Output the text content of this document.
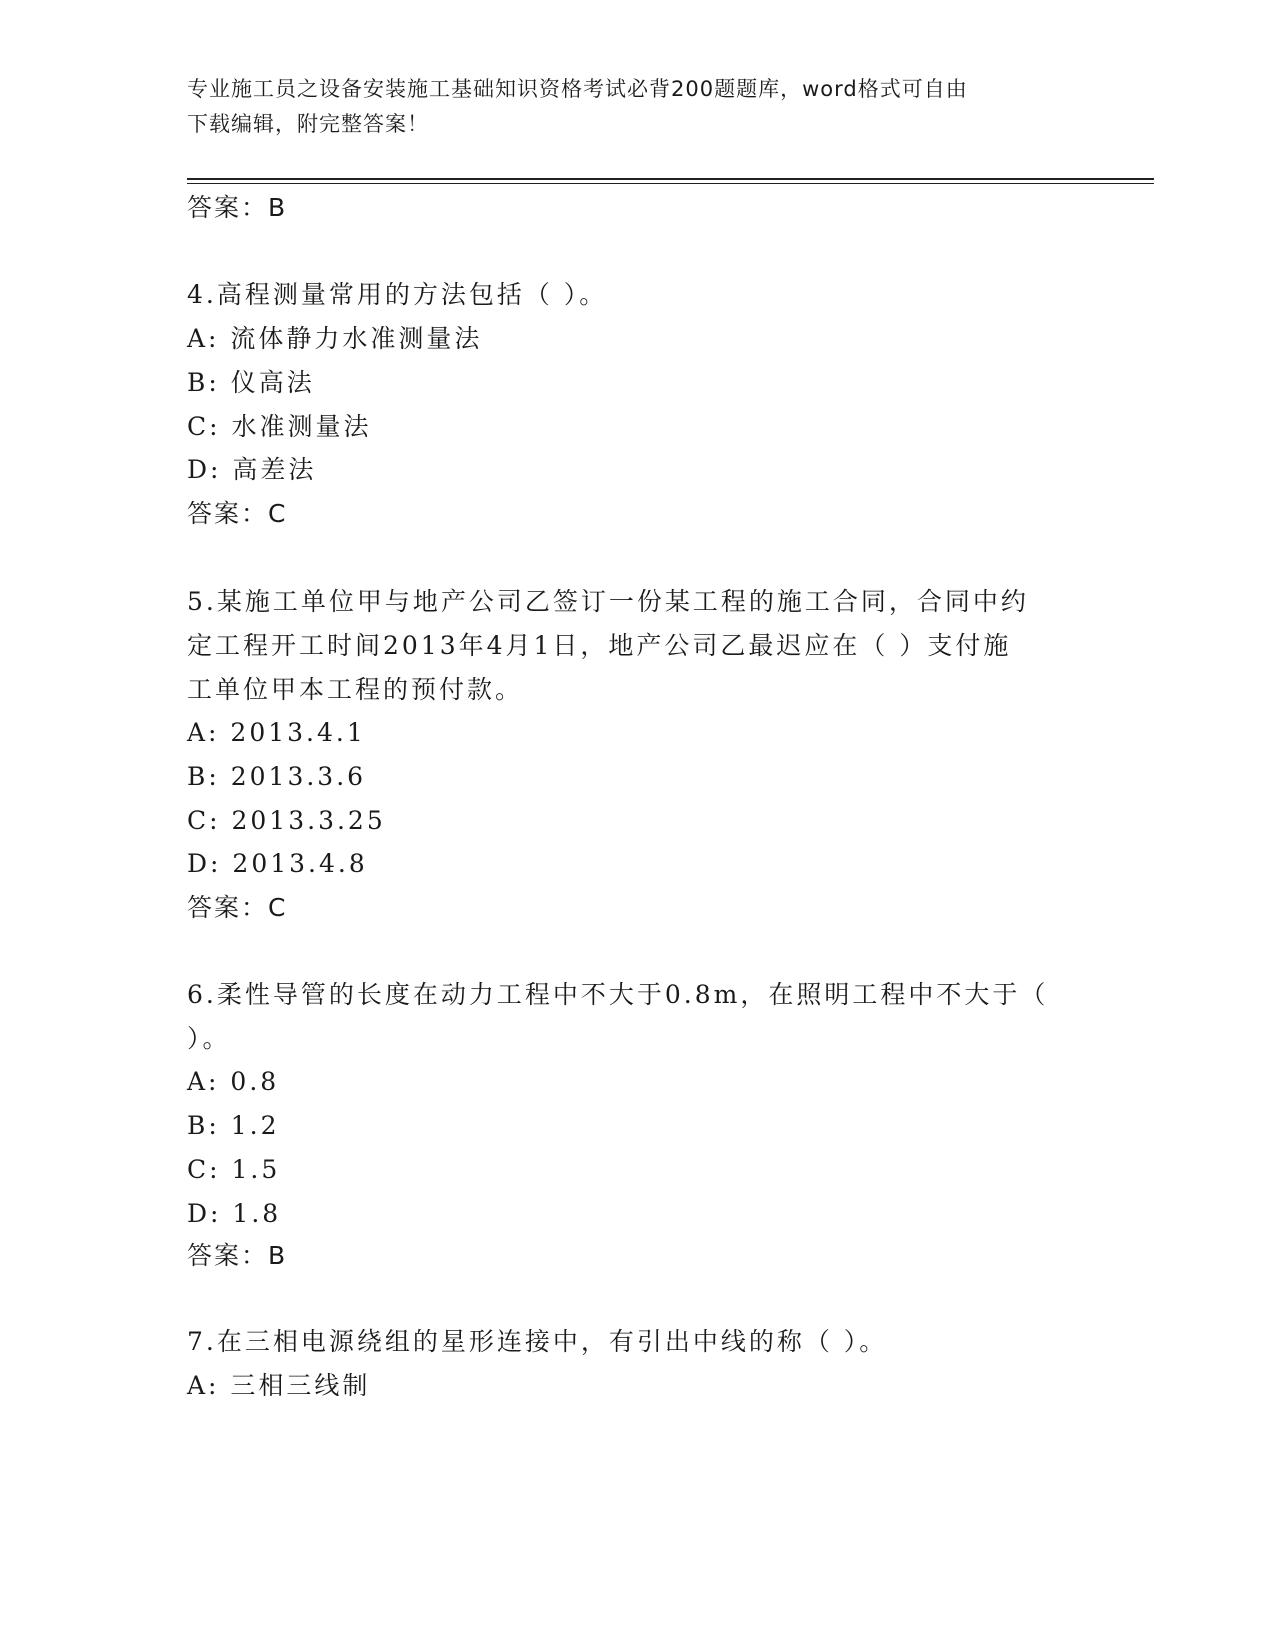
专业施工员之设备安装施工基础知识资格考试必背200题题库，word格式可自由
下载编辑，附完整答案！
答案：B
4.高程测量常用的方法包括（ ）。
A: 流体静力水准测量法
B: 仪高法
C: 水准测量法
D: 高差法
答案：C
5.某施工单位甲与地产公司乙签订一份某工程的施工合同，合同中约
定工程开工时间2013年4月1日，地产公司乙最迟应在（ ）支付施
工单位甲本工程的预付款。
A: 2013.4.1
B: 2013.3.6
C: 2013.3.25
D: 2013.4.8
答案：C
6.柔性导管的长度在动力工程中不大于0.8m，在照明工程中不大于（
）。
A: 0.8
B: 1.2
C: 1.5
D: 1.8
答案：B
7.在三相电源绕组的星形连接中，有引出中线的称（ ）。
A: 三相三线制
